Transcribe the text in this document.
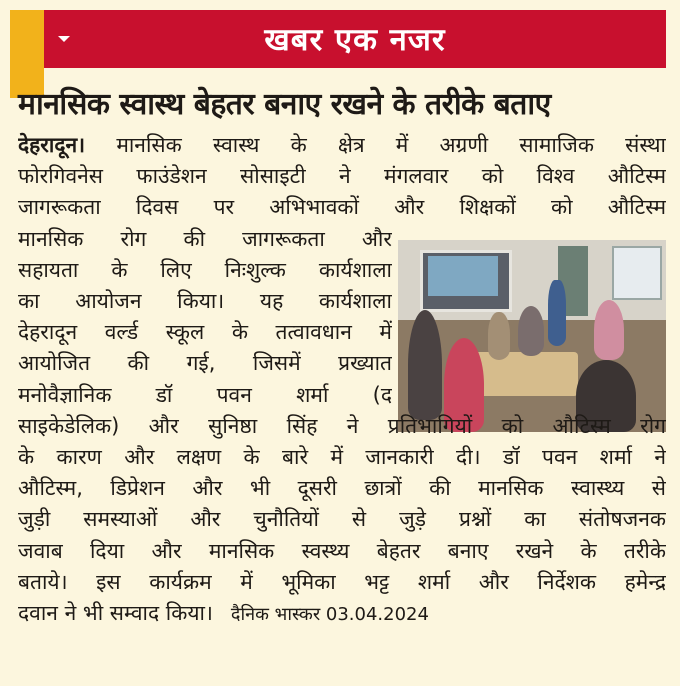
खबर एक नजर
मानसिक स्वास्थ बेहतर बनाए रखने के तरीके बताए
देहरादून। मानसिक स्वास्थ के क्षेत्र में अग्रणी सामाजिक संस्था
फोरगिवनेस फाउंडेशन सोसाइटी ने मंगलवार को विश्व औटिस्म
जागरूकता दिवस पर अभिभावकों और शिक्षकों को औटिस्म
मानसिक रोग की जागरूकता और
सहायता के लिए निःशुल्क कार्यशाला
का आयोजन किया। यह कार्यशाला
देहरादून वर्ल्ड स्कूल के तत्वावधान में
आयोजित की गई, जिसमें प्रख्यात
मनोवैज्ञानिक डॉ पवन शर्मा (द
साइकेडेलिक) और सुनिष्ठा सिंह ने प्रतिभागियों को औटिस्म रोग
के कारण और लक्षण के बारे में जानकारी दी। डॉ पवन शर्मा ने
औटिस्म, डिप्रेशन और भी दूसरी छात्रों की मानसिक स्वास्थ्य से
जुड़ी समस्याओं और चुनौतियों से जुड़े प्रश्नों का संतोषजनक
जवाब दिया और मानसिक स्वस्थ्य बेहतर बनाए रखने के तरीके
बताये। इस कार्यक्रम में भूमिका भट्ट शर्मा और निर्देशक हमेन्द्र
दवान ने भी सम्वाद किया। दैनिक भास्कर 03.04.2024
